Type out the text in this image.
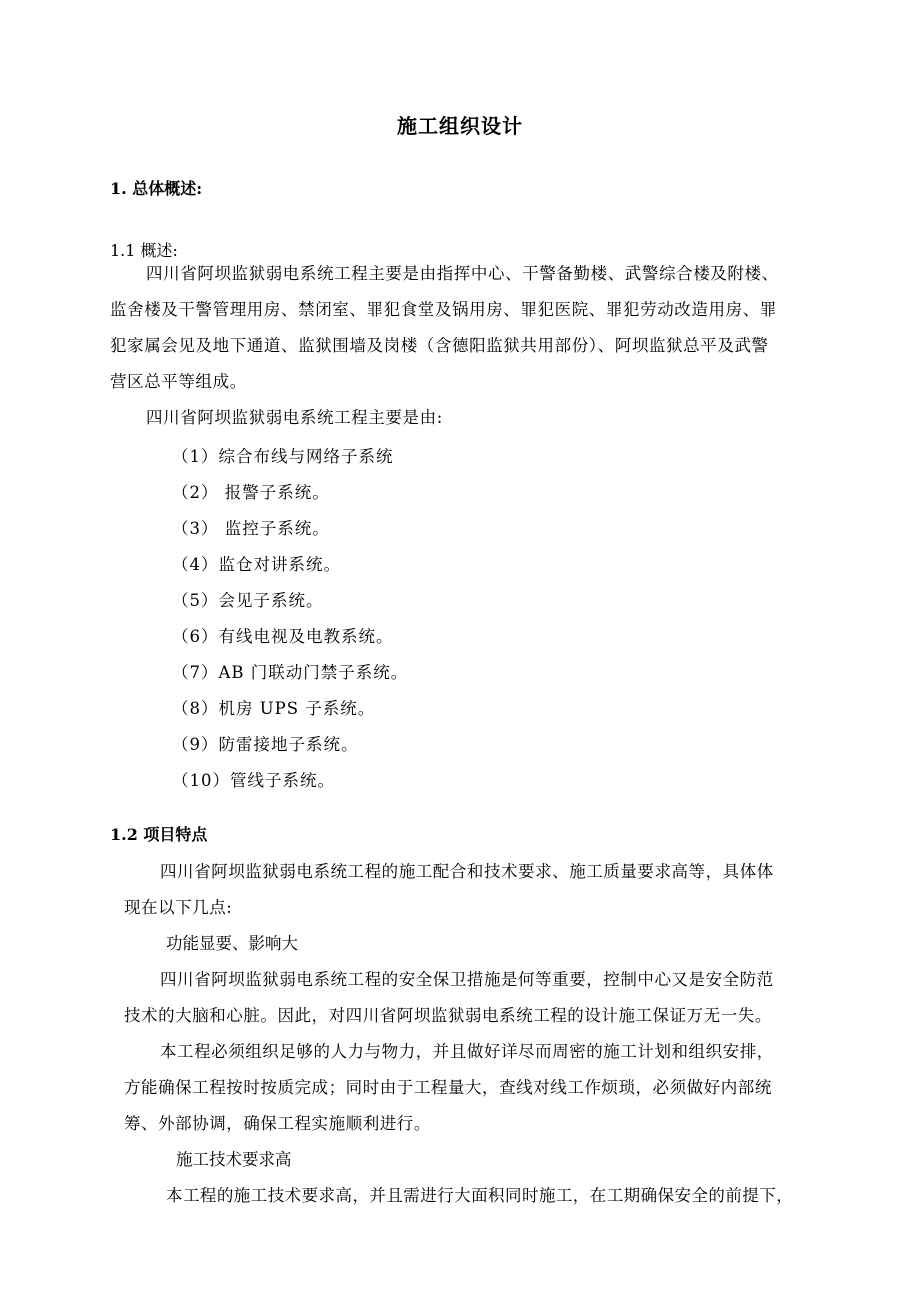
施工组织设计

1. 总体概述:

1.1 概述:

四川省阿坝监狱弱电系统工程主要是由指挥中心、干警备勤楼、武警综合楼及附楼、

监舍楼及干警管理用房、禁闭室、罪犯食堂及锅用房、罪犯医院、罪犯劳动改造用房、罪

犯家属会见及地下通道、监狱围墙及岗楼（含德阳监狱共用部份）、阿坝监狱总平及武警

营区总平等组成。

四川省阿坝监狱弱电系统工程主要是由:

（1）综合布线与网络子系统

（2） 报警子系统。

（3） 监控子系统。

（4）监仓对讲系统。

（5）会见子系统。

（6）有线电视及电教系统。

（7）AB 门联动门禁子系统。

（8）机房 UPS 子系统。

（9）防雷接地子系统。

（10）管线子系统。

1.2 项目特点

四川省阿坝监狱弱电系统工程的施工配合和技术要求、施工质量要求高等，具体体

现在以下几点:

功能显要、影响大

四川省阿坝监狱弱电系统工程的安全保卫措施是何等重要，控制中心又是安全防范

技术的大脑和心脏。因此，对四川省阿坝监狱弱电系统工程的设计施工保证万无一失。

本工程必须组织足够的人力与物力，并且做好详尽而周密的施工计划和组织安排，

方能确保工程按时按质完成；同时由于工程量大，查线对线工作烦琐，必须做好内部统

筹、外部协调，确保工程实施顺利进行。

施工技术要求高

本工程的施工技术要求高，并且需进行大面积同时施工，在工期确保安全的前提下，
